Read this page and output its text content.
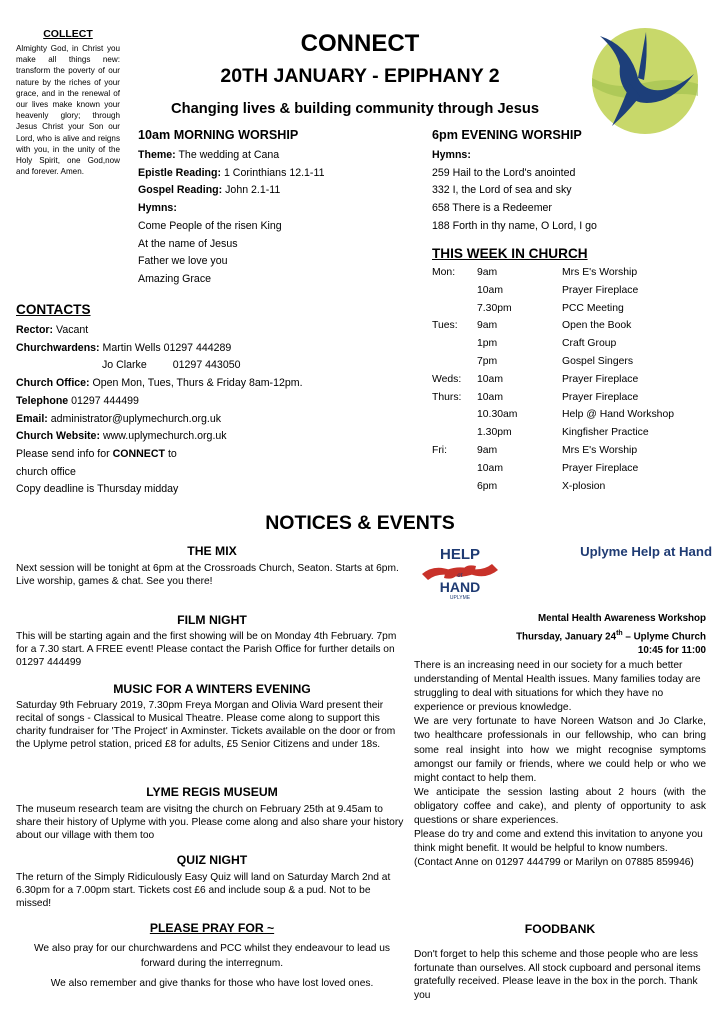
COLLECT
Almighty God, in Christ you make all things new: transform the poverty of our nature by the riches of your grace, and in the renewal of our lives make known your heavenly glory; through Jesus Christ your Son our Lord, who is alive and reigns with you, in the unity of the Holy Spirit, one God,now and forever. Amen.
CONNECT
20TH JANUARY - EPIPHANY 2
Changing lives & building community through Jesus
10am MORNING WORSHIP
Theme: The wedding at Cana
Epistle Reading: 1 Corinthians 12.1-11
Gospel Reading: John 2.1-11
Hymns:
Come People of the risen King
At the name of Jesus
Father we love you
Amazing Grace
6pm EVENING WORSHIP
Hymns:
259 Hail to the Lord's anointed
332 I, the Lord of sea and sky
658 There is a Redeemer
188 Forth in thy name, O Lord, I go
THIS WEEK IN CHURCH
Mon: 9am	Mrs E's Worship
10am	Prayer Fireplace
7.30pm	PCC Meeting
Tues: 9am	Open the Book
1pm	Craft Group
7pm	Gospel Singers
Weds: 10am	Prayer Fireplace
Thurs: 10am	Prayer Fireplace
10.30am	Help @ Hand Workshop
1.30pm	Kingfisher Practice
Fri:	9am	Mrs E's Worship
10am	Prayer Fireplace
6pm	X-plosion
CONTACTS
Rector: Vacant
Churchwardens: Martin Wells 01297 444289
Jo Clarke 01297 443050
Church Office: Open Mon, Tues, Thurs & Friday 8am-12pm.
Telephone 01297 444499
Email: administrator@uplymechurch.org.uk
Church Website: www.uplymechurch.org.uk
Please send info for CONNECT to
church office
Copy deadline is Thursday midday
NOTICES & EVENTS
THE MIX
Next session will be tonight at 6pm at the Crossroads Church, Seaton. Starts at 6pm. Live worship, games & chat. See you there!
FILM NIGHT
This will be starting again and the first showing will be on Monday 4th February. 7pm for a 7.30 start. A FREE event! Please contact the Parish Office for further details on 01297 444499
MUSIC FOR A WINTERS EVENING
Saturday 9th February 2019, 7.30pm Freya Morgan and Olivia Ward present their recital of songs - Classical to Musical Theatre. Please come along to support this charity fundraiser for 'The Project' in Axminster. Tickets available on the door or from the Uplyme petrol station, priced £8 for adults, £5 Senior Citizens and under 18s.
LYME REGIS MUSEUM
The museum research team are visitng the church on February 25th at 9.45am to share their history of Uplyme with you. Please come along and also share your history about our village with them too
QUIZ NIGHT
The return of the Simply Ridiculously Easy Quiz will land on Saturday March 2nd at 6.30pm for a 7.00pm start. Tickets cost £6 and include soup & a pud. Not to be missed!
PLEASE PRAY FOR ~
We also pray for our churchwardens and PCC whilst they endeavour to lead us forward during the interregnum.
We also remember and give thanks for those who have lost loved ones.
HELP
at
HAND
UPLYME
Uplyme Help at Hand
Mental Health Awareness Workshop
Thursday, January 24th – Uplyme Church
10:45 for 11:00

There is an increasing need in our society for a much better understanding of Mental Health issues. Many families today are struggling to deal with situations for which they have no experience or previous knowledge.

We are very fortunate to have Noreen Watson and Jo Clarke, two healthcare professionals in our fellowship, who can bring some real insight into how we might recognise symptoms amongst our family or friends, where we could help or who we might contact to help them.

We anticipate the session lasting about 2 hours (with the obligatory coffee and cake), and plenty of opportunity to ask questions or share experiences.

Please do try and come and extend this invitation to anyone you think might benefit. It would be helpful to know numbers. (Contact Anne on 01297 444799 or Marilyn on 07885 859946)

FOODBANK
Don't forget to help this scheme and those people who are less fortunate than ourselves. All stock cupboard and personal items gratefully received. Please leave in the box in the porch. Thank you
